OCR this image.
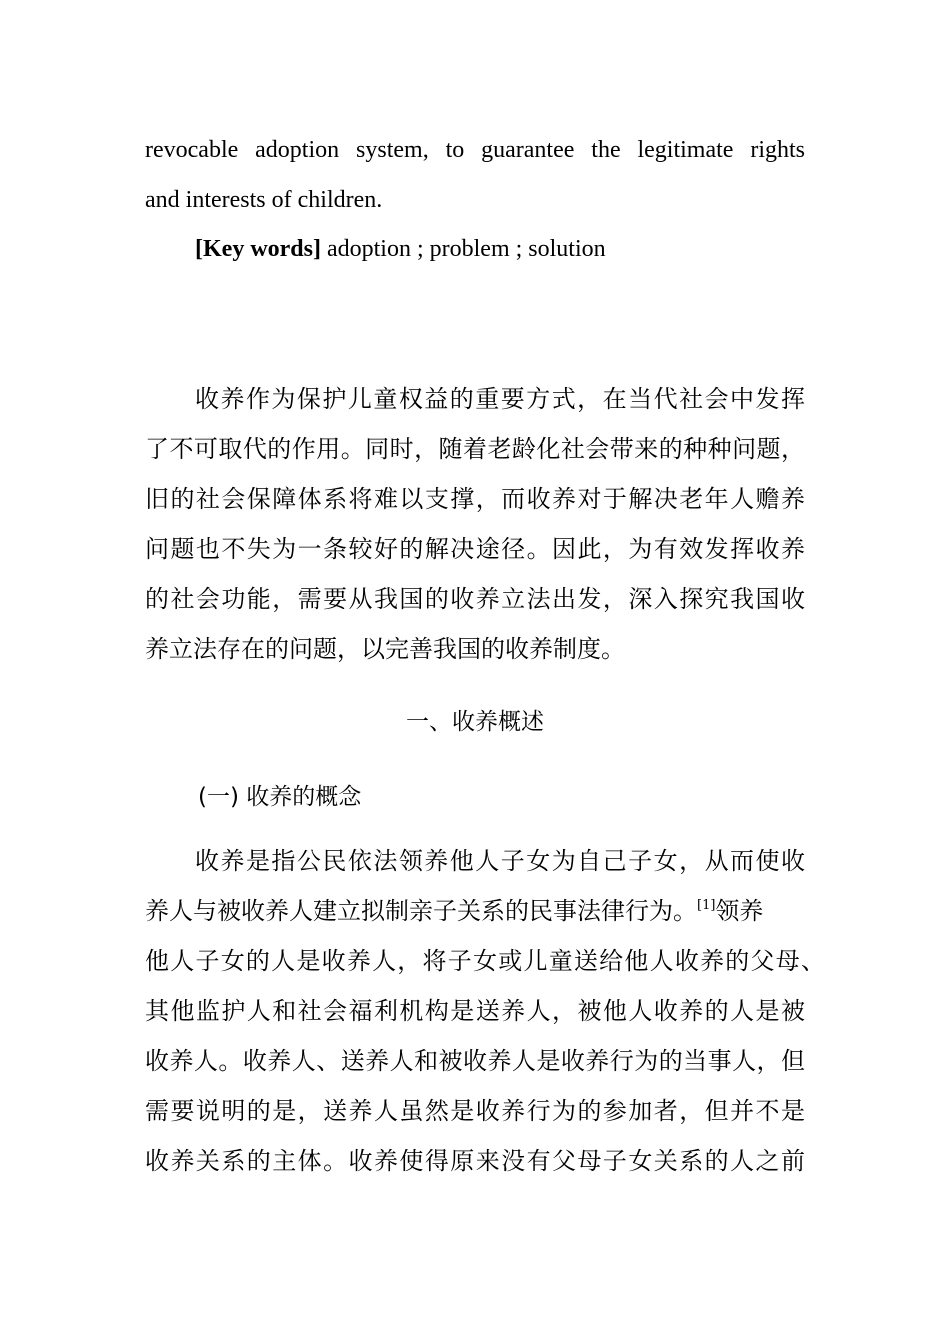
revocable adoption system, to guarantee the legitimate rights
and interests of children.
[Key words] adoption ; problem ; solution
收养作为保护儿童权益的重要方式，在当代社会中发挥
了不可取代的作用。同时，随着老龄化社会带来的种种问题，
旧的社会保障体系将难以支撑，而收养对于解决老年人赡养
问题也不失为一条较好的解决途径。因此，为有效发挥收养
的社会功能，需要从我国的收养立法出发，深入探究我国收
养立法存在的问题，以完善我国的收养制度。
一、收养概述
(一) 收养的概念
收养是指公民依法领养他人子女为自己子女，从而使收
养人与被收养人建立拟制亲子关系的民事法律行为。[1]领养
他人子女的人是收养人，将子女或儿童送给他人收养的父母、
其他监护人和社会福利机构是送养人，被他人收养的人是被
收养人。收养人、送养人和被收养人是收养行为的当事人，但
需要说明的是，送养人虽然是收养行为的参加者，但并不是
收养关系的主体。收养使得原来没有父母子女关系的人之前
